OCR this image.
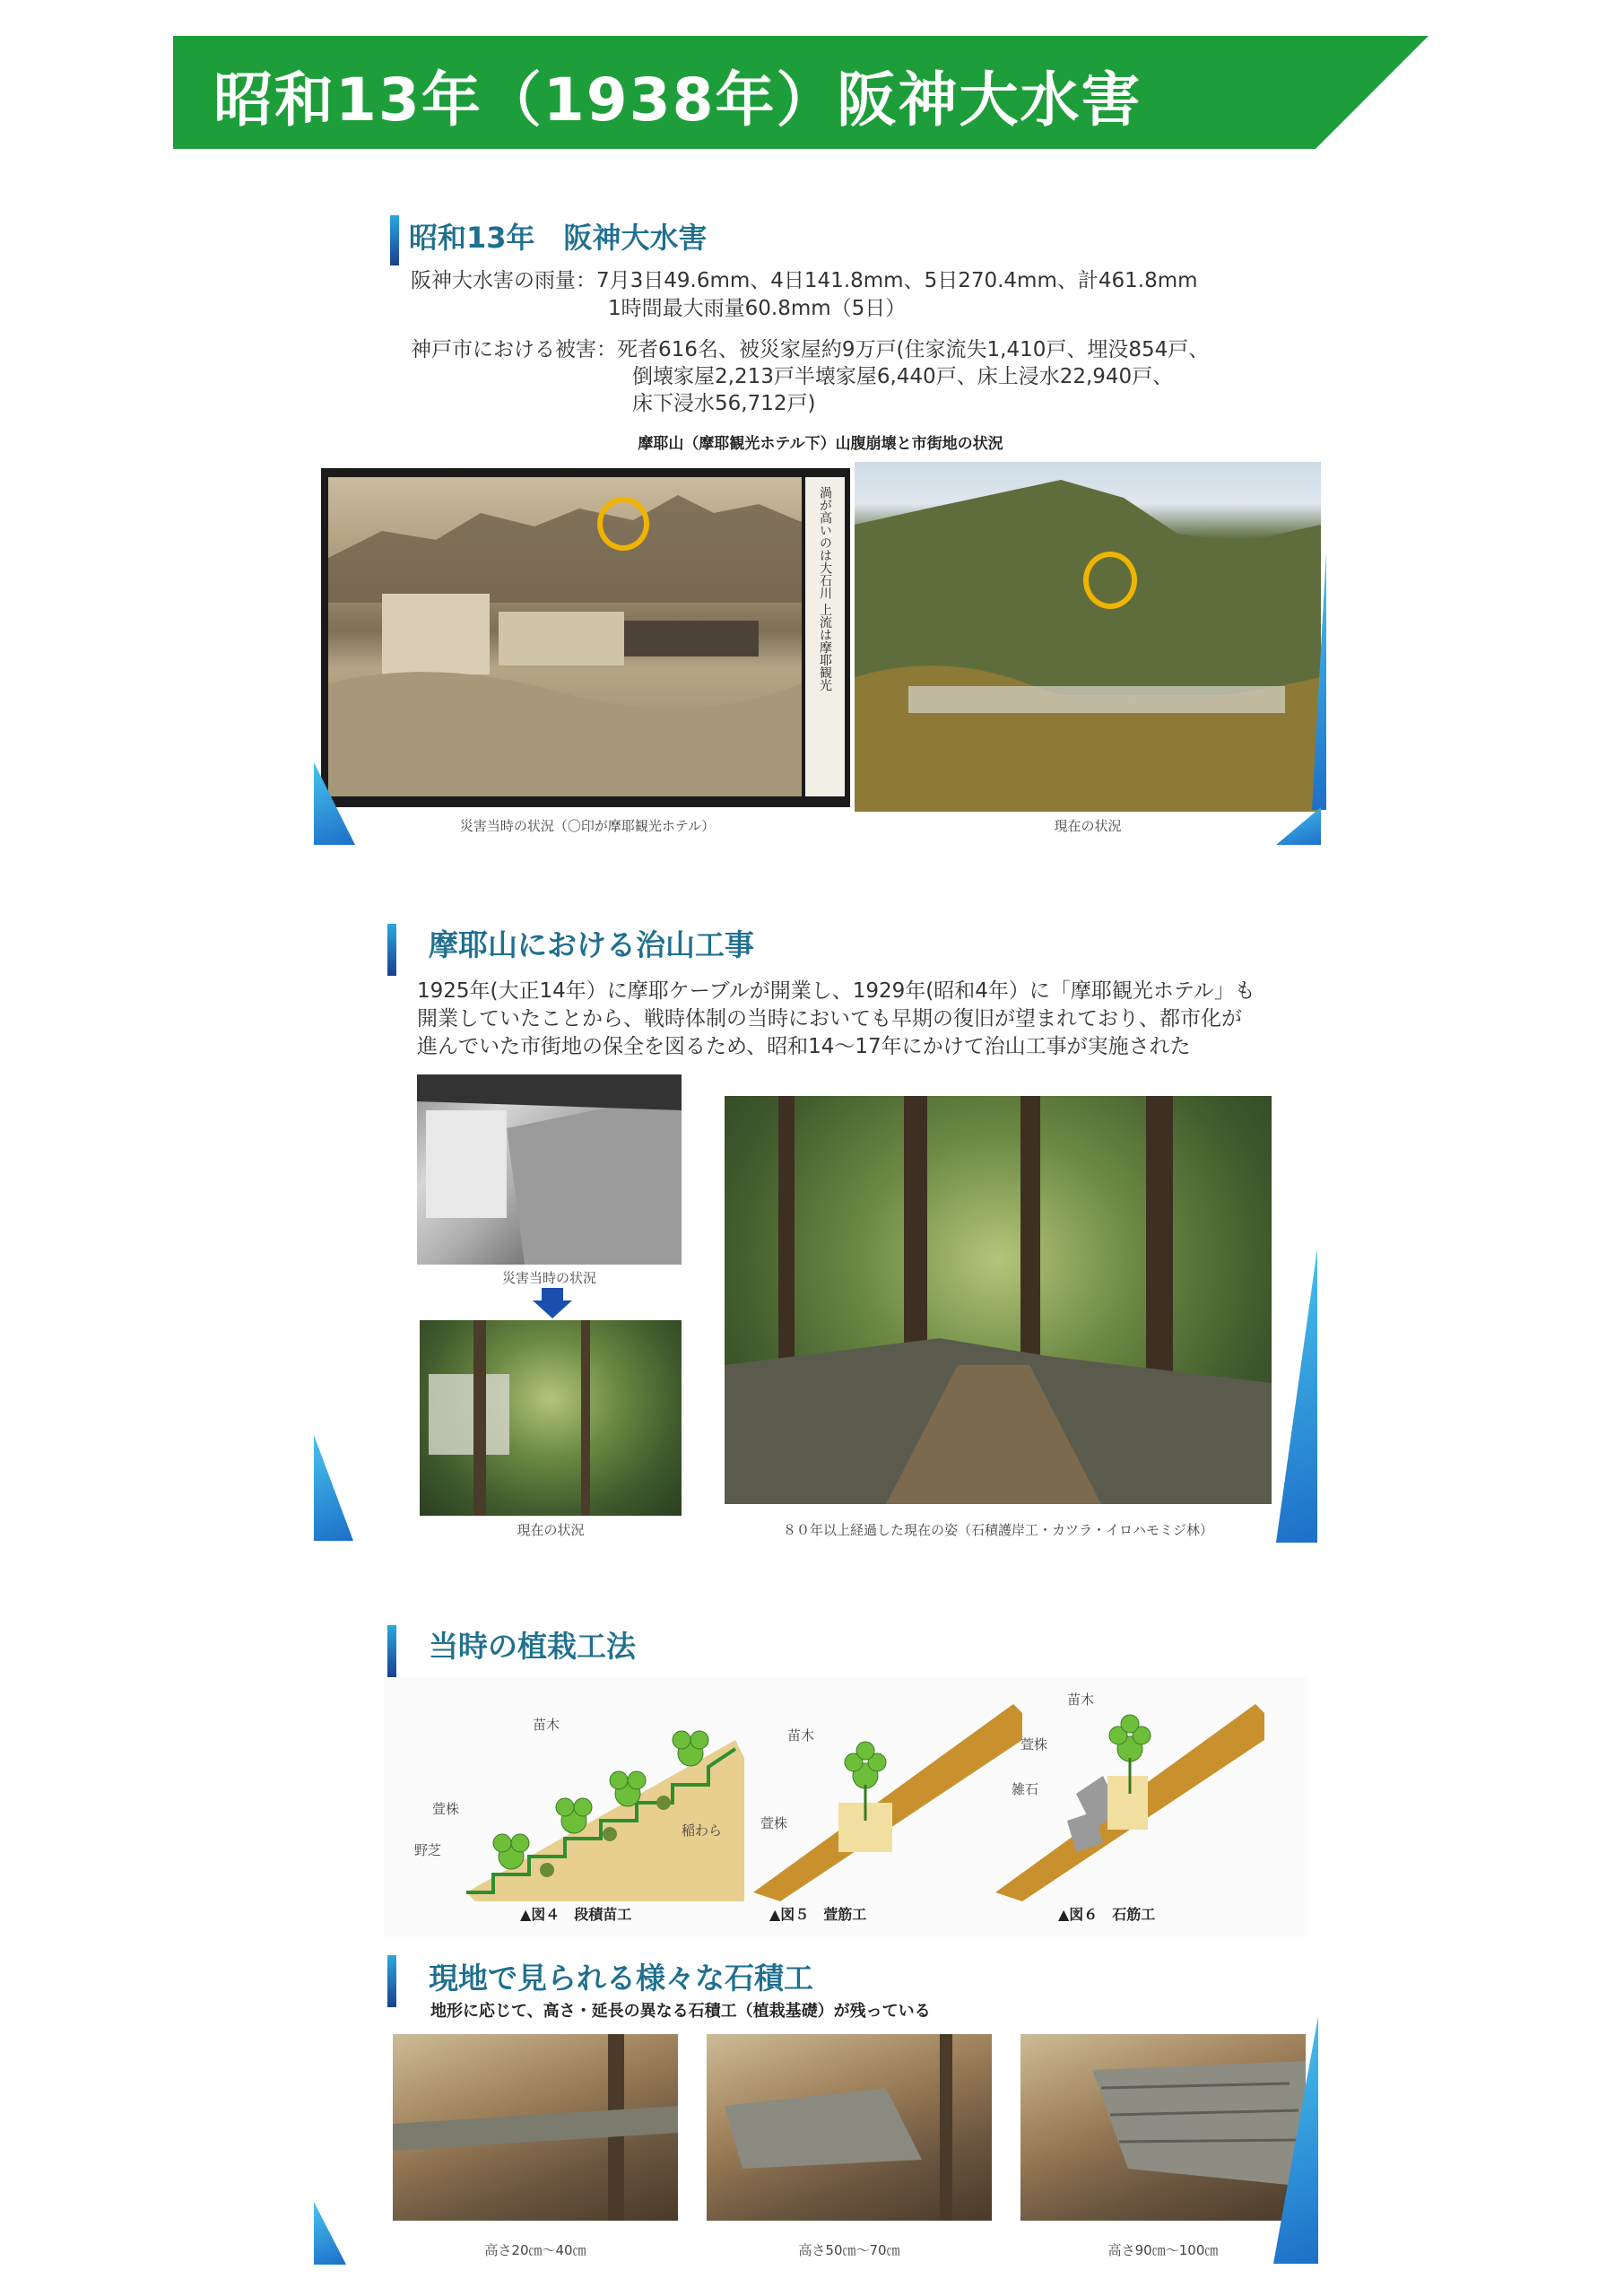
昭和13年（1938年）阪神大水害
昭和13年　阪神大水害
阪神大水害の雨量：7月3日49.6mm、4日141.8mm、5日270.4mm、計461.8mm
1時間最大雨量60.8mm（5日）
神戸市における被害：死者616名、被災家屋約9万戸(住家流失1,410戸、埋没854戸、
倒壊家屋2,213戸半壊家屋6,440戸、床上浸水22,940戸、
床下浸水56,712戸)
摩耶山（摩耶観光ホテル下）山腹崩壊と市街地の状況
渦が高いのは大石川 上流は摩耶観光
災害当時の状況（〇印が摩耶観光ホテル）	現在の状況
摩耶山における治山工事
1925年(大正14年）に摩耶ケーブルが開業し、1929年(昭和4年）に「摩耶観光ホテル」も
開業していたことから、戦時体制の当時においても早期の復旧が望まれており、都市化が
進んでいた市街地の保全を図るため、昭和14～17年にかけて治山工事が実施された
災害当時の状況
現在の状況	８０年以上経過した現在の姿（石積護岸工・カツラ・イロハモミジ林）
当時の植栽工法
苗木
萱株
野芝
稲わら
▲図４　段積苗工
苗木
萱株
▲図５　萱筋工
苗木
萱株
雑石
▲図６　石筋工
現地で見られる様々な石積工
地形に応じて、高さ・延長の異なる石積工（植栽基礎）が残っている
高さ20㎝～40㎝	高さ50㎝～70㎝	高さ90㎝～100㎝
